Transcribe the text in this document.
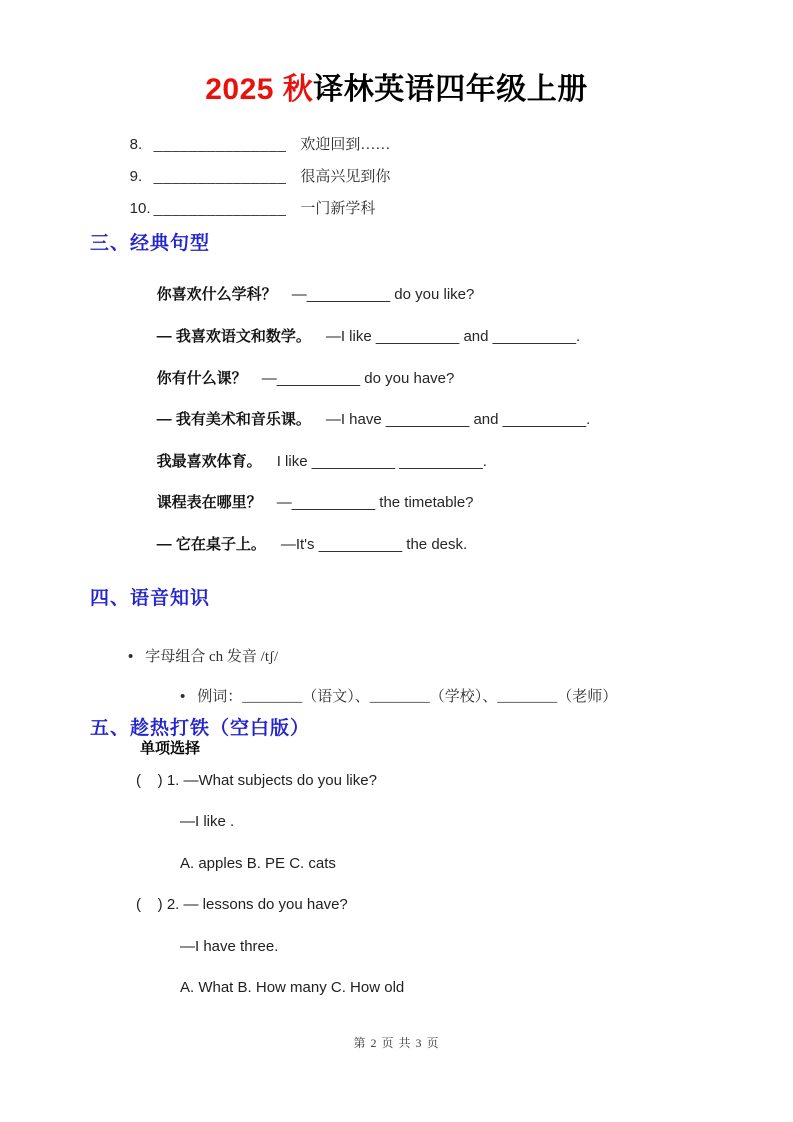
2025 秋译林英语四年级上册

8. _______________ 欢迎回到……

9. _______________ 很高兴见到你

10. _______________ 一门新学科

三、经典句型

你喜欢什么学科？ —__________ do you like?

— 我喜欢语文和数学。 —I like __________ and __________.

你有什么课？ —__________ do you have?

— 我有美术和音乐课。 —I have __________ and __________.

我最喜欢体育。 I like __________ __________.

课程表在哪里？ —__________ the timetable?

— 它在桌子上。 —It's __________ the desk.

四、语音知识

• 字母组合 ch 发音 /tʃ/

• 例词：________（语文）、________（学校）、________（老师）

五、趁热打铁（空白版）
单项选择
(    ) 1. —What subjects do you like?
—I like .
A. apples B. PE C. cats
(    ) 2. — lessons do you have?
—I have three.
A. What B. How many C. How old
第 2 页 共 3 页
